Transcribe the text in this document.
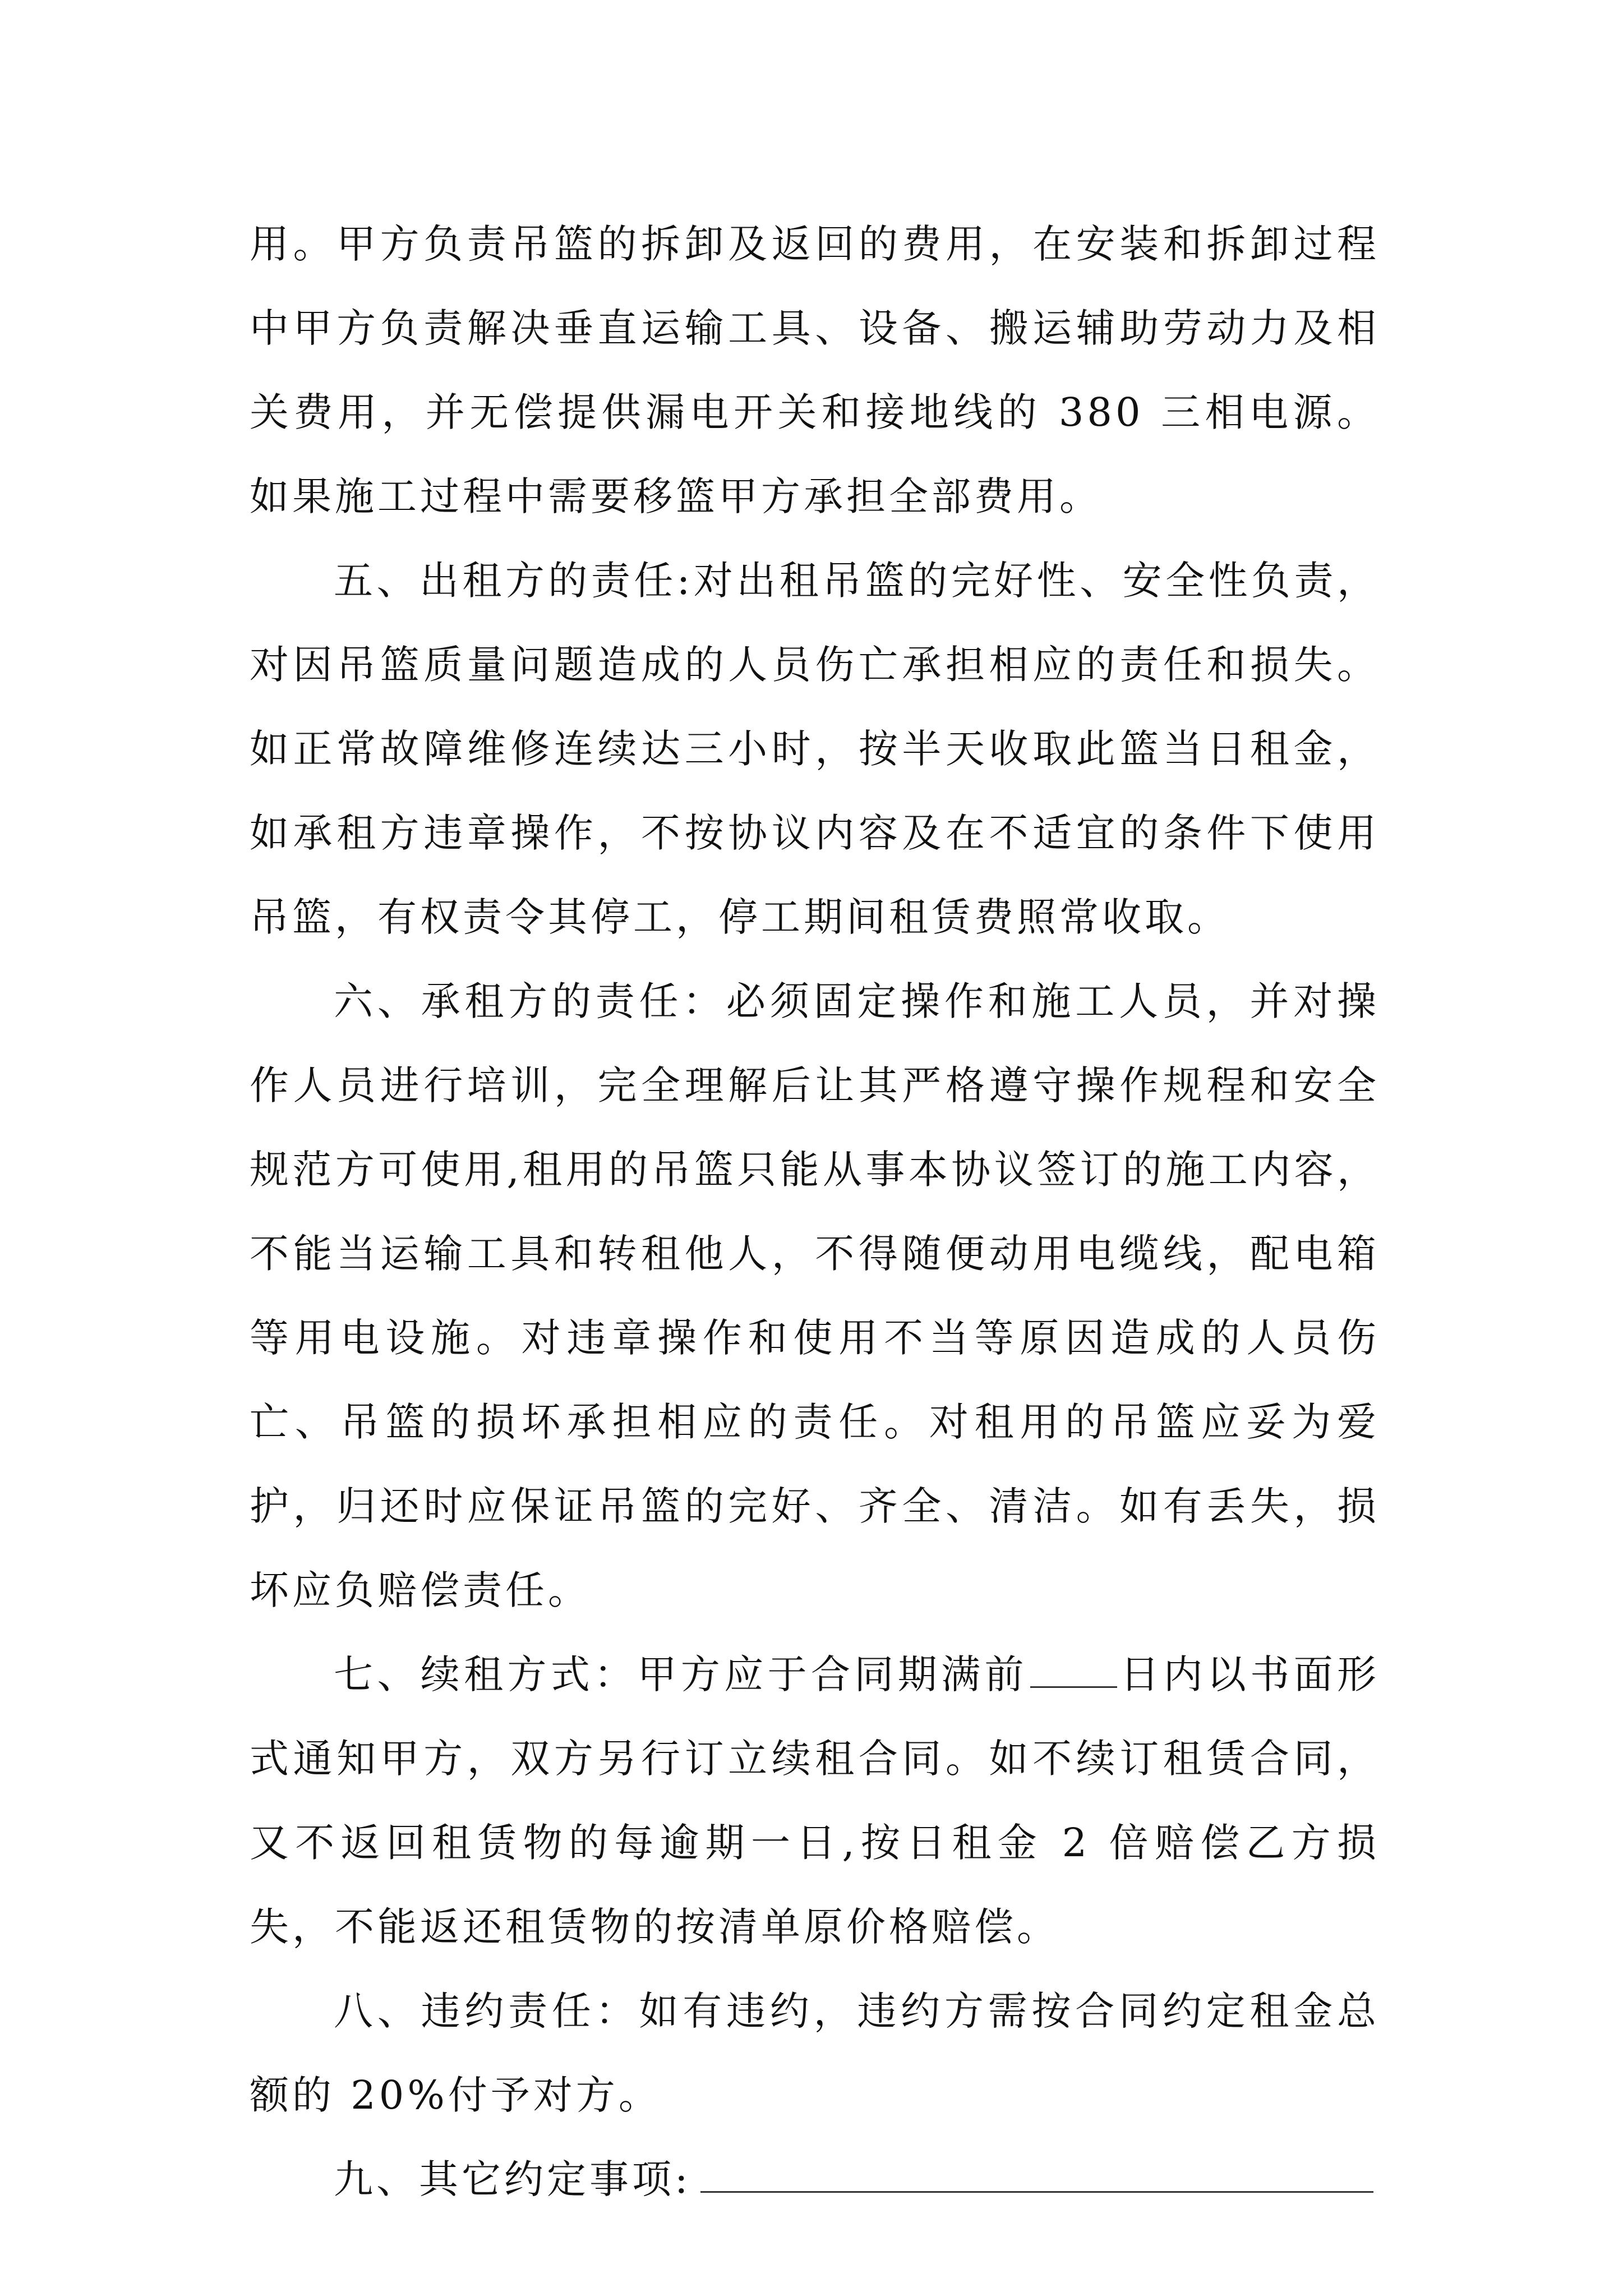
用。甲方负责吊篮的拆卸及返回的费用，在安装和拆卸过程中甲方负责解决垂直运输工具、设备、搬运辅助劳动力及相关费用，并无偿提供漏电开关和接地线的 380 三相电源。如果施工过程中需要移篮甲方承担全部费用。

五、出租方的责任:对出租吊篮的完好性、安全性负责，对因吊篮质量问题造成的人员伤亡承担相应的责任和损失。如正常故障维修连续达三小时，按半天收取此篮当日租金，如承租方违章操作，不按协议内容及在不适宜的条件下使用吊篮，有权责令其停工，停工期间租赁费照常收取。

六、承租方的责任：必须固定操作和施工人员，并对操作人员进行培训，完全理解后让其严格遵守操作规程和安全规范方可使用,租用的吊篮只能从事本协议签订的施工内容，不能当运输工具和转租他人，不得随便动用电缆线，配电箱等用电设施。对违章操作和使用不当等原因造成的人员伤亡、吊篮的损坏承担相应的责任。对租用的吊篮应妥为爱护，归还时应保证吊篮的完好、齐全、清洁。如有丢失，损坏应负赔偿责任。

七、续租方式：甲方应于合同期满前 日内以书面形式通知甲方，双方另行订立续租合同。如不续订租赁合同，又不返回租赁物的每逾期一日,按日租金 2 倍赔偿乙方损失，不能返还租赁物的按清单原价格赔偿。

八、违约责任：如有违约，违约方需按合同约定租金总额的 20%付予对方。

九、其它约定事项:
